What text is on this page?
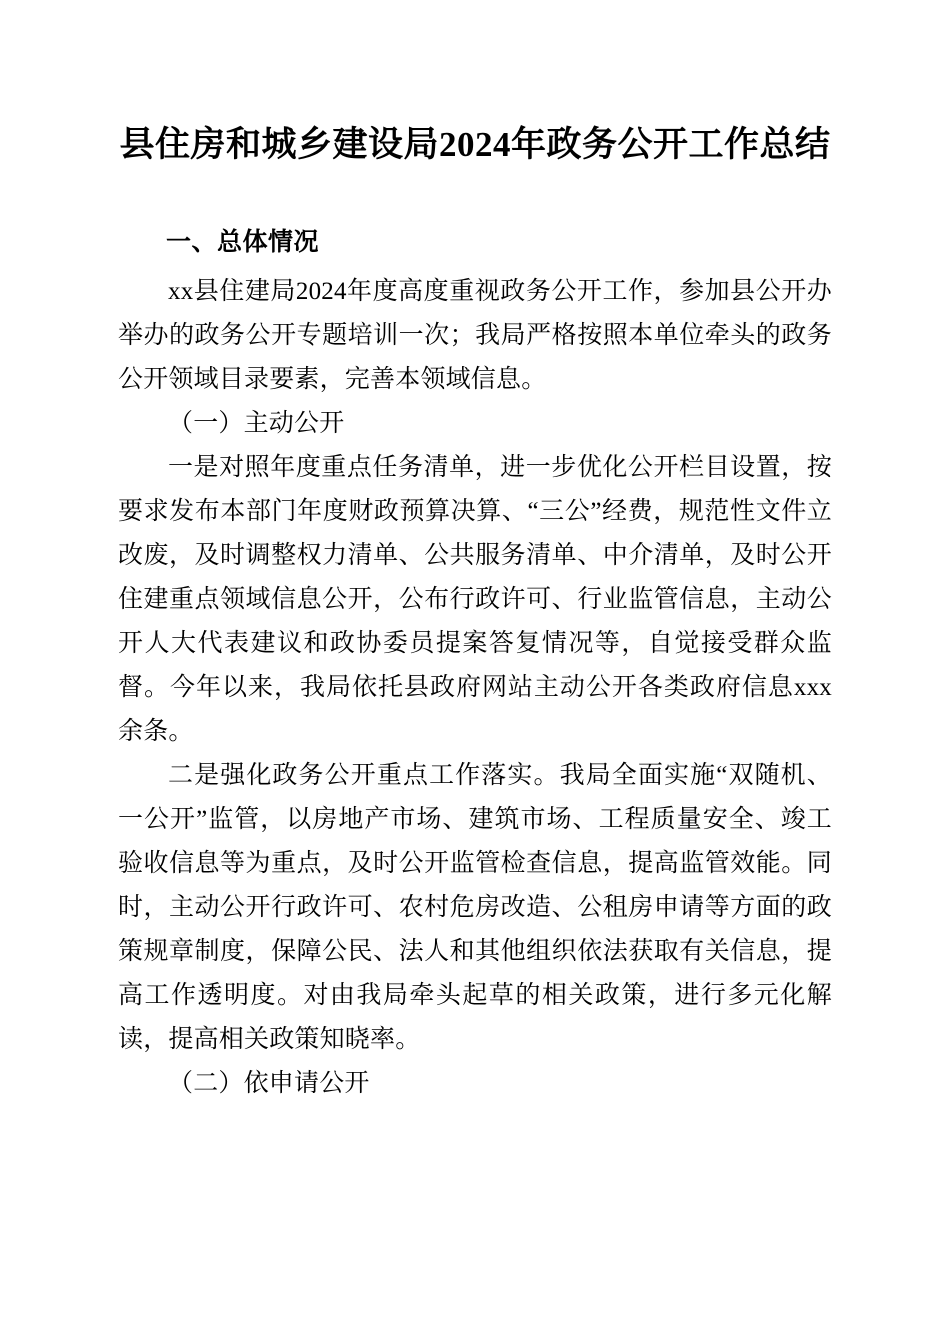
县住房和城乡建设局2024年政务公开工作总结
一、总体情况

xx县住建局2024年度高度重视政务公开工作，参加县公开办举办的政务公开专题培训一次；我局严格按照本单位牵头的政务公开领域目录要素，完善本领域信息。

（一）主动公开

一是对照年度重点任务清单，进一步优化公开栏目设置，按要求发布本部门年度财政预算决算、“三公”经费，规范性文件立改废，及时调整权力清单、公共服务清单、中介清单，及时公开住建重点领域信息公开，公布行政许可、行业监管信息，主动公开人大代表建议和政协委员提案答复情况等，自觉接受群众监督。今年以来，我局依托县政府网站主动公开各类政府信息xxx余条。

二是强化政务公开重点工作落实。我局全面实施“双随机、一公开”监管，以房地产市场、建筑市场、工程质量安全、竣工验收信息等为重点，及时公开监管检查信息，提高监管效能。同时，主动公开行政许可、农村危房改造、公租房申请等方面的政策规章制度，保障公民、法人和其他组织依法获取有关信息，提高工作透明度。对由我局牵头起草的相关政策，进行多元化解读，提高相关政策知晓率。

（二）依申请公开
